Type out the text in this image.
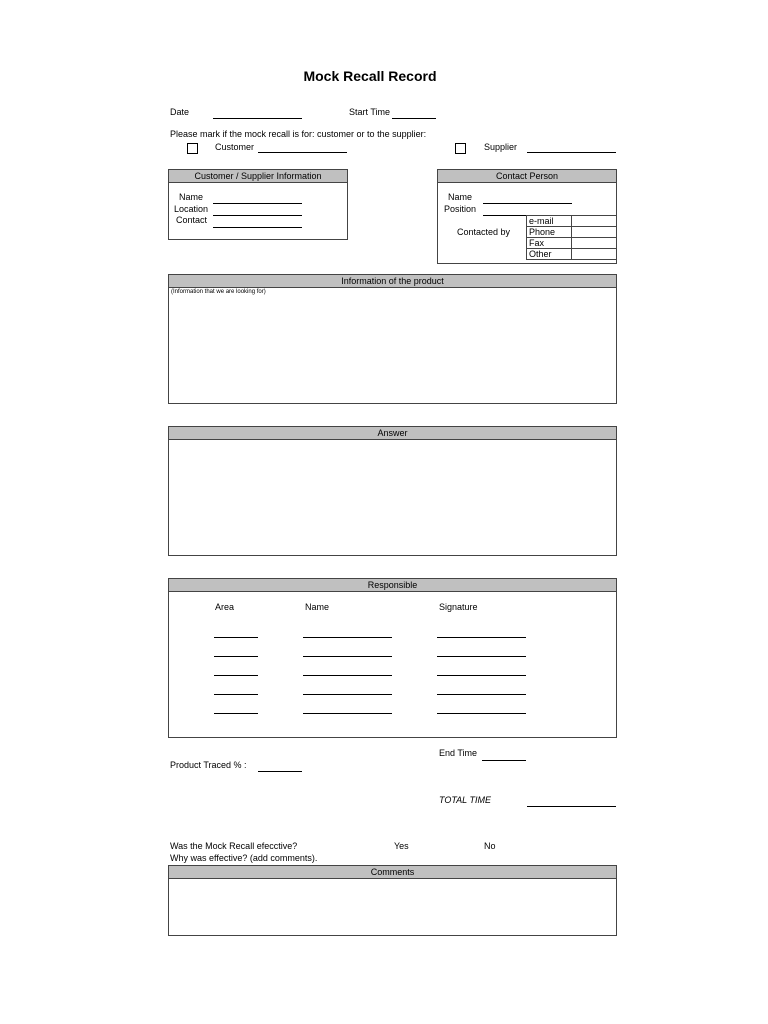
Mock Recall Record
Date	Start Time
Please mark if the mock recall is for: customer or to the supplier:
Customer	Supplier
Customer / Supplier Information
Name
Location
Contact
Contact Person
Name
Position
Contacted by
e-mail	
Phone	
Fax	
Other	
Information of the product
(Information that we are looking for)
Answer
Responsible
Area	Name	Signature
End Time
Product Traced % :
TOTAL TIME
Was the Mock Recall efecctive?	Yes	No
Why was effective? (add comments).
Comments
